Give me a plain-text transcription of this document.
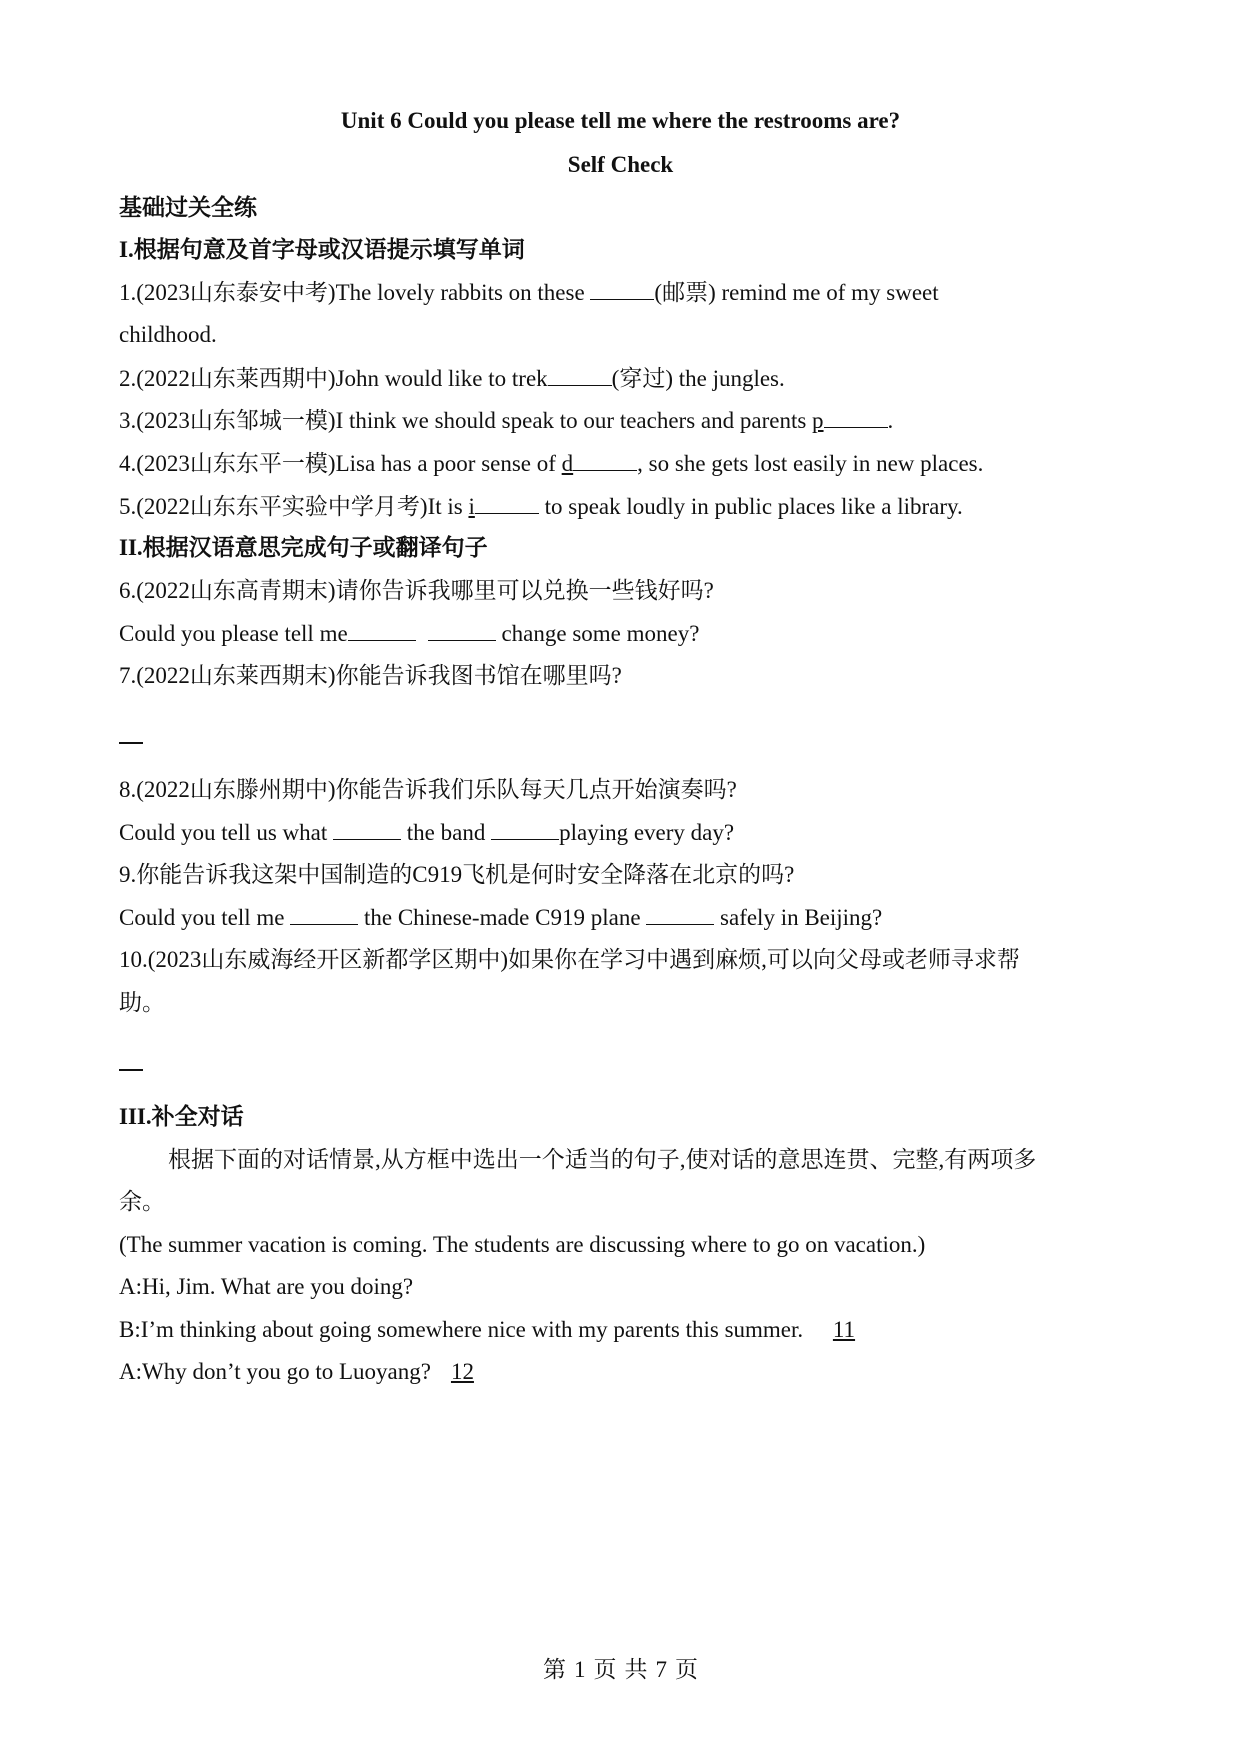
Unit 6 Could you please tell me where the restrooms are?
Self Check
基础过关全练
I.根据句意及首字母或汉语提示填写单词
1.(2023山东泰安中考)The lovely rabbits on these	(邮票) remind me of my sweet
childhood.
2.(2022山东莱西期中)John would like to trek	(穿过) the jungles.
3.(2023山东邹城一模)I think we should speak to our teachers and parents p	.
4.(2023山东东平一模)Lisa has a poor sense of d	, so she gets lost easily in new places.
5.(2022山东东平实验中学月考)It is i	to speak loudly in public places like a library.
II.根据汉语意思完成句子或翻译句子
6.(2022山东高青期末)请你告诉我哪里可以兑换一些钱好吗?
Could you please tell me	change some money?
7.(2022山东莱西期末)你能告诉我图书馆在哪里吗?
8.(2022山东滕州期中)你能告诉我们乐队每天几点开始演奏吗?
Could you tell us what	the band	playing every day?
9.你能告诉我这架中国制造的C919飞机是何时安全降落在北京的吗?
Could you tell me	the Chinese-made C919 plane	safely in Beijing?
10.(2023山东威海经开区新都学区期中)如果你在学习中遇到麻烦,可以向父母或老师寻求帮
助。
III.补全对话
根据下面的对话情景,从方框中选出一个适当的句子,使对话的意思连贯、完整,有两项多
余。
(The summer vacation is coming. The students are discussing where to go on vacation.)
A:Hi, Jim. What are you doing?
B:I’m thinking about going somewhere nice with my parents this summer. 11
A:Why don’t you go to Luoyang? 12
第 1 页 共 7 页
